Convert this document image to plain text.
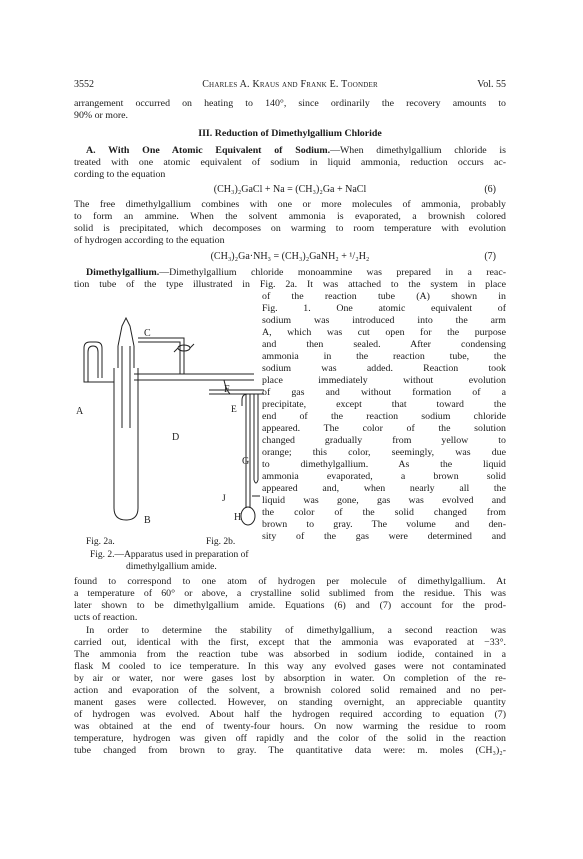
3552	Charles A. Kraus and Frank E. Toonder	Vol. 55
arrangement occurred on heating to 140°, since ordinarily the recovery amounts to
90% or more.
III. Reduction of Dimethylgallium Chloride
A. With One Atomic Equivalent of Sodium.—When dimethylgallium chloride is
treated with one atomic equivalent of sodium in liquid ammonia, reduction occurs ac-
cording to the equation
(CH₃)₂GaCl + Na = (CH₃)₂Ga + NaCl	(6)
The free dimethylgallium combines with one or more molecules of ammonia, probably
to form an ammine. When the solvent ammonia is evaporated, a brownish colored
solid is precipitated, which decomposes on warming to room temperature with evolution
of hydrogen according to the equation
(CH₃)₂Ga·NH₃ = (CH₃)₂GaNH₂ + ¹/₂H₂	(7)
Dimethylgallium.—Dimethylgallium chloride monoammine was prepared in a reac-
tion tube of the type illustrated in Fig. 2a. It was attached to the system in place
of the reaction tube (A) shown in
Fig. 1. One atomic equivalent of
sodium was introduced into the arm
A, which was cut open for the purpose
and then sealed. After condensing
ammonia in the reaction tube, the
sodium was added. Reaction took
place immediately without evolution
of gas and without formation of a
precipitate, except that toward the
end of the reaction sodium chloride
appeared. The color of the solution
changed gradually from yellow to
orange; this color, seemingly, was due
to dimethylgallium. As the liquid
ammonia evaporated, a brown solid
appeared and, when nearly all the
liquid was gone, gas was evolved and
the color of the solid changed from
brown to gray. The volume and den-
sity of the gas were determined and
A
B
C
D
F
G
H
E
J
Fig. 2a.	Fig. 2b.
Fig. 2.—Apparatus used in preparation of
dimethylgallium amide.
found to correspond to one atom of hydrogen per molecule of dimethylgallium. At
a temperature of 60° or above, a crystalline solid sublimed from the residue. This was
later shown to be dimethylgallium amide. Equations (6) and (7) account for the prod-
ucts of reaction.
In order to determine the stability of dimethylgallium, a second reaction was
carried out, identical with the first, except that the ammonia was evaporated at −33°.
The ammonia from the reaction tube was absorbed in sodium iodide, contained in a
flask M cooled to ice temperature. In this way any evolved gases were not contaminated
by air or water, nor were gases lost by absorption in water. On completion of the re-
action and evaporation of the solvent, a brownish colored solid remained and no per-
manent gases were collected. However, on standing overnight, an appreciable quantity
of hydrogen was evolved. About half the hydrogen required according to equation (7)
was obtained at the end of twenty-four hours. On now warming the residue to room
temperature, hydrogen was given off rapidly and the color of the solid in the reaction
tube changed from brown to gray. The quantitative data were: m. moles (CH₃)₂-
